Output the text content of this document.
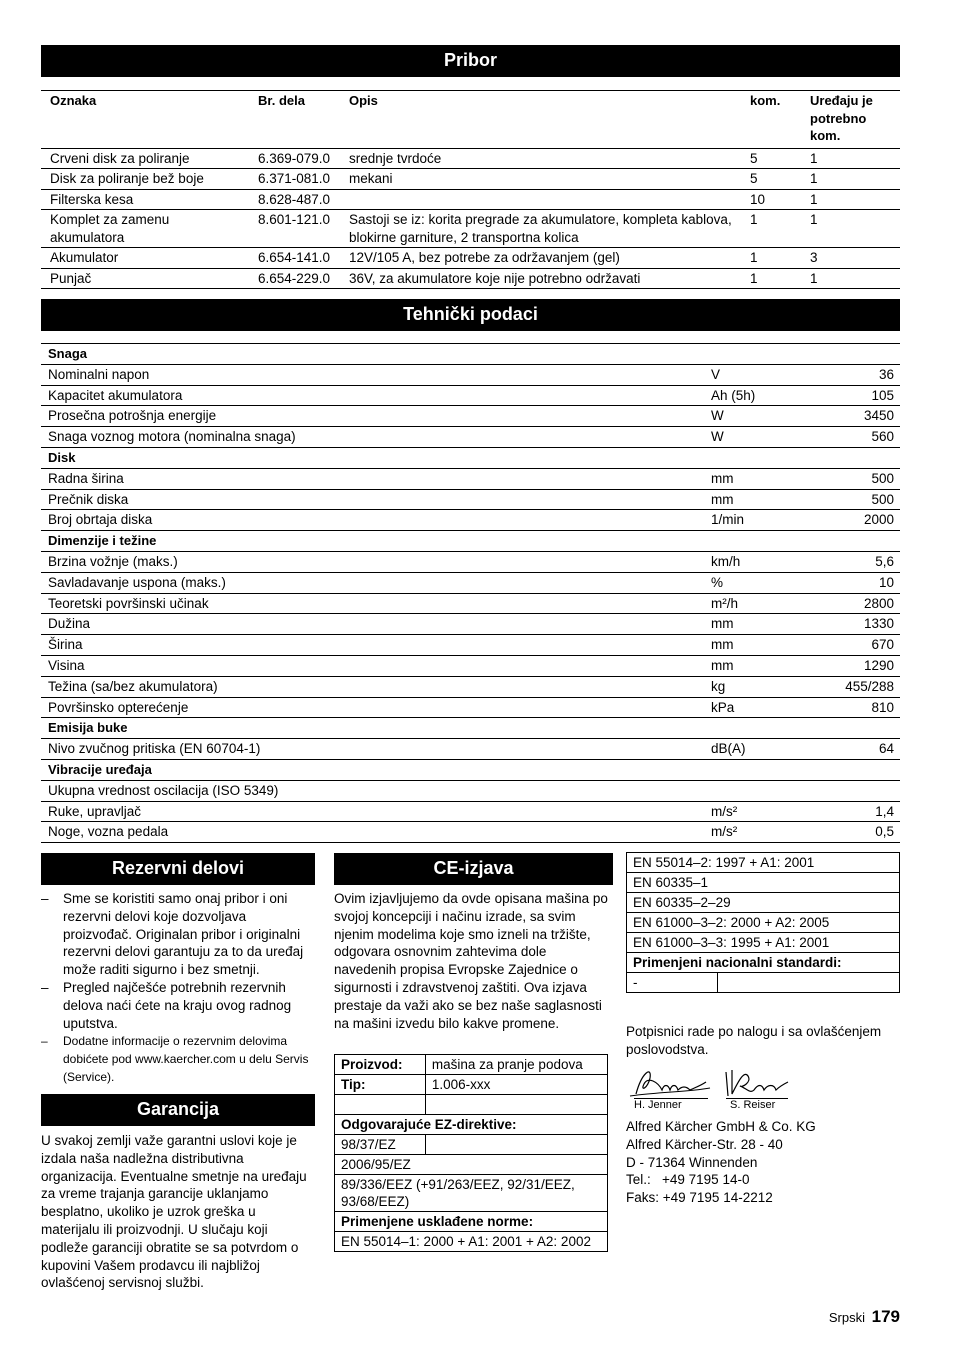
Pribor
Oznaka	Br. dela	Opis	kom.	Uređaju je potrebno kom.
Crveni disk za poliranje	6.369-079.0	srednje tvrdoće	5	1
Disk za poliranje bež boje	6.371-081.0	mekani	5	1
Filterska kesa	8.628-487.0		10	1
Komplet za zamenu akumulatora	8.601-121.0	Sastoji se iz: korita pregrade za akumulatore, kompleta kablova, blokirne garniture, 2 transportna kolica	1	1
Akumulator	6.654-141.0	12V/105 A, bez potrebe za održavanjem (gel)	1	3
Punjač	6.654-229.0	36V, za akumulatore koje nije potrebno održavati	1	1
Tehnički podaci
Snaga		
Nominalni napon	V	36
Kapacitet akumulatora	Ah (5h)	105
Prosečna potrošnja energije	W	3450
Snaga voznog motora (nominalna snaga)	W	560
Disk		
Radna širina	mm	500
Prečnik diska	mm	500
Broj obrtaja diska	1/min	2000
Dimenzije i težine		
Brzina vožnje (maks.)	km/h	5,6
Savladavanje uspona (maks.)	%	10
Teoretski površinski učinak	m²/h	2800
Dužina	mm	1330
Širina	mm	670
Visina	mm	1290
Težina (sa/bez akumulatora)	kg	455/288
Površinsko opterećenje	kPa	810
Emisija buke		
Nivo zvučnog pritiska (EN 60704-1)	dB(A)	64
Vibracije uređaja		
Ukupna vrednost oscilacija (ISO 5349)		
Ruke, upravljač	m/s²	1,4
Noge, vozna pedala	m/s²	0,5
Rezervni delovi
– Sme se koristiti samo onaj pribor i oni rezervni delovi koje dozvoljava proizvođač. Originalan pribor i originalni rezervni delovi garantuju za to da uređaj može raditi sigurno i bez smetnji.
– Pregled najčešće potrebnih rezervnih delova naći ćete na kraju ovog radnog uputstva.
– Dodatne informacije o rezervnim delovima dobićete pod www.kaercher.com u delu Servis (Service).
Garancija
U svakoj zemlji važe garantni uslovi koje je izdala naša nadležna distributivna organizacija. Eventualne smetnje na uređaju za vreme trajanja garancije uklanjamo besplatno, ukoliko je uzrok greška u materijalu ili proizvodnji. U slučaju koji podleže garanciji obratite se sa potvrdom o kupovini Vašem prodavcu ili najbližoj ovlašćenoj servisnoj službi.
CE-izjava
Ovim izjavljujemo da ovde opisana mašina po svojoj koncepciji i načinu izrade, sa svim njenim modelima koje smo izneli na tržište, odgovara osnovnim zahtevima dole navedenih propisa Evropske Zajednice o sigurnosti i zdravstvenoj zaštiti. Ova izjava prestaje da važi ako se bez naše saglasnosti na mašini izvedu bilo kakve promene.
Proizvod:	mašina za pranje podova
Tip:	1.006-xxx

Odgovarajuće EZ-direktive:	
98/37/EZ	
2006/95/EZ	
89/336/EEZ (+91/263/EEZ, 92/31/EEZ, 93/68/EEZ)	
Primenjene usklađene norme:	
EN 55014–1: 2000 + A1: 2001 + A2: 2002	
EN 55014–2: 1997 + A1: 2001
EN 60335–1
EN 60335–2–29
EN 61000–3–2: 2000 + A2: 2005
EN 61000–3–3: 1995 + A1: 2001
Primenjeni nacionalni standardi:
-	
Potpisnici rade po nalogu i sa ovlašćenjem poslovodstva.
H. Jenner	S. Reiser
Alfred Kärcher GmbH & Co. KG
Alfred Kärcher-Str. 28 - 40
D - 71364 Winnenden
Tel.:   +49 7195 14-0
Faks: +49 7195 14-2212
Srpski 179
